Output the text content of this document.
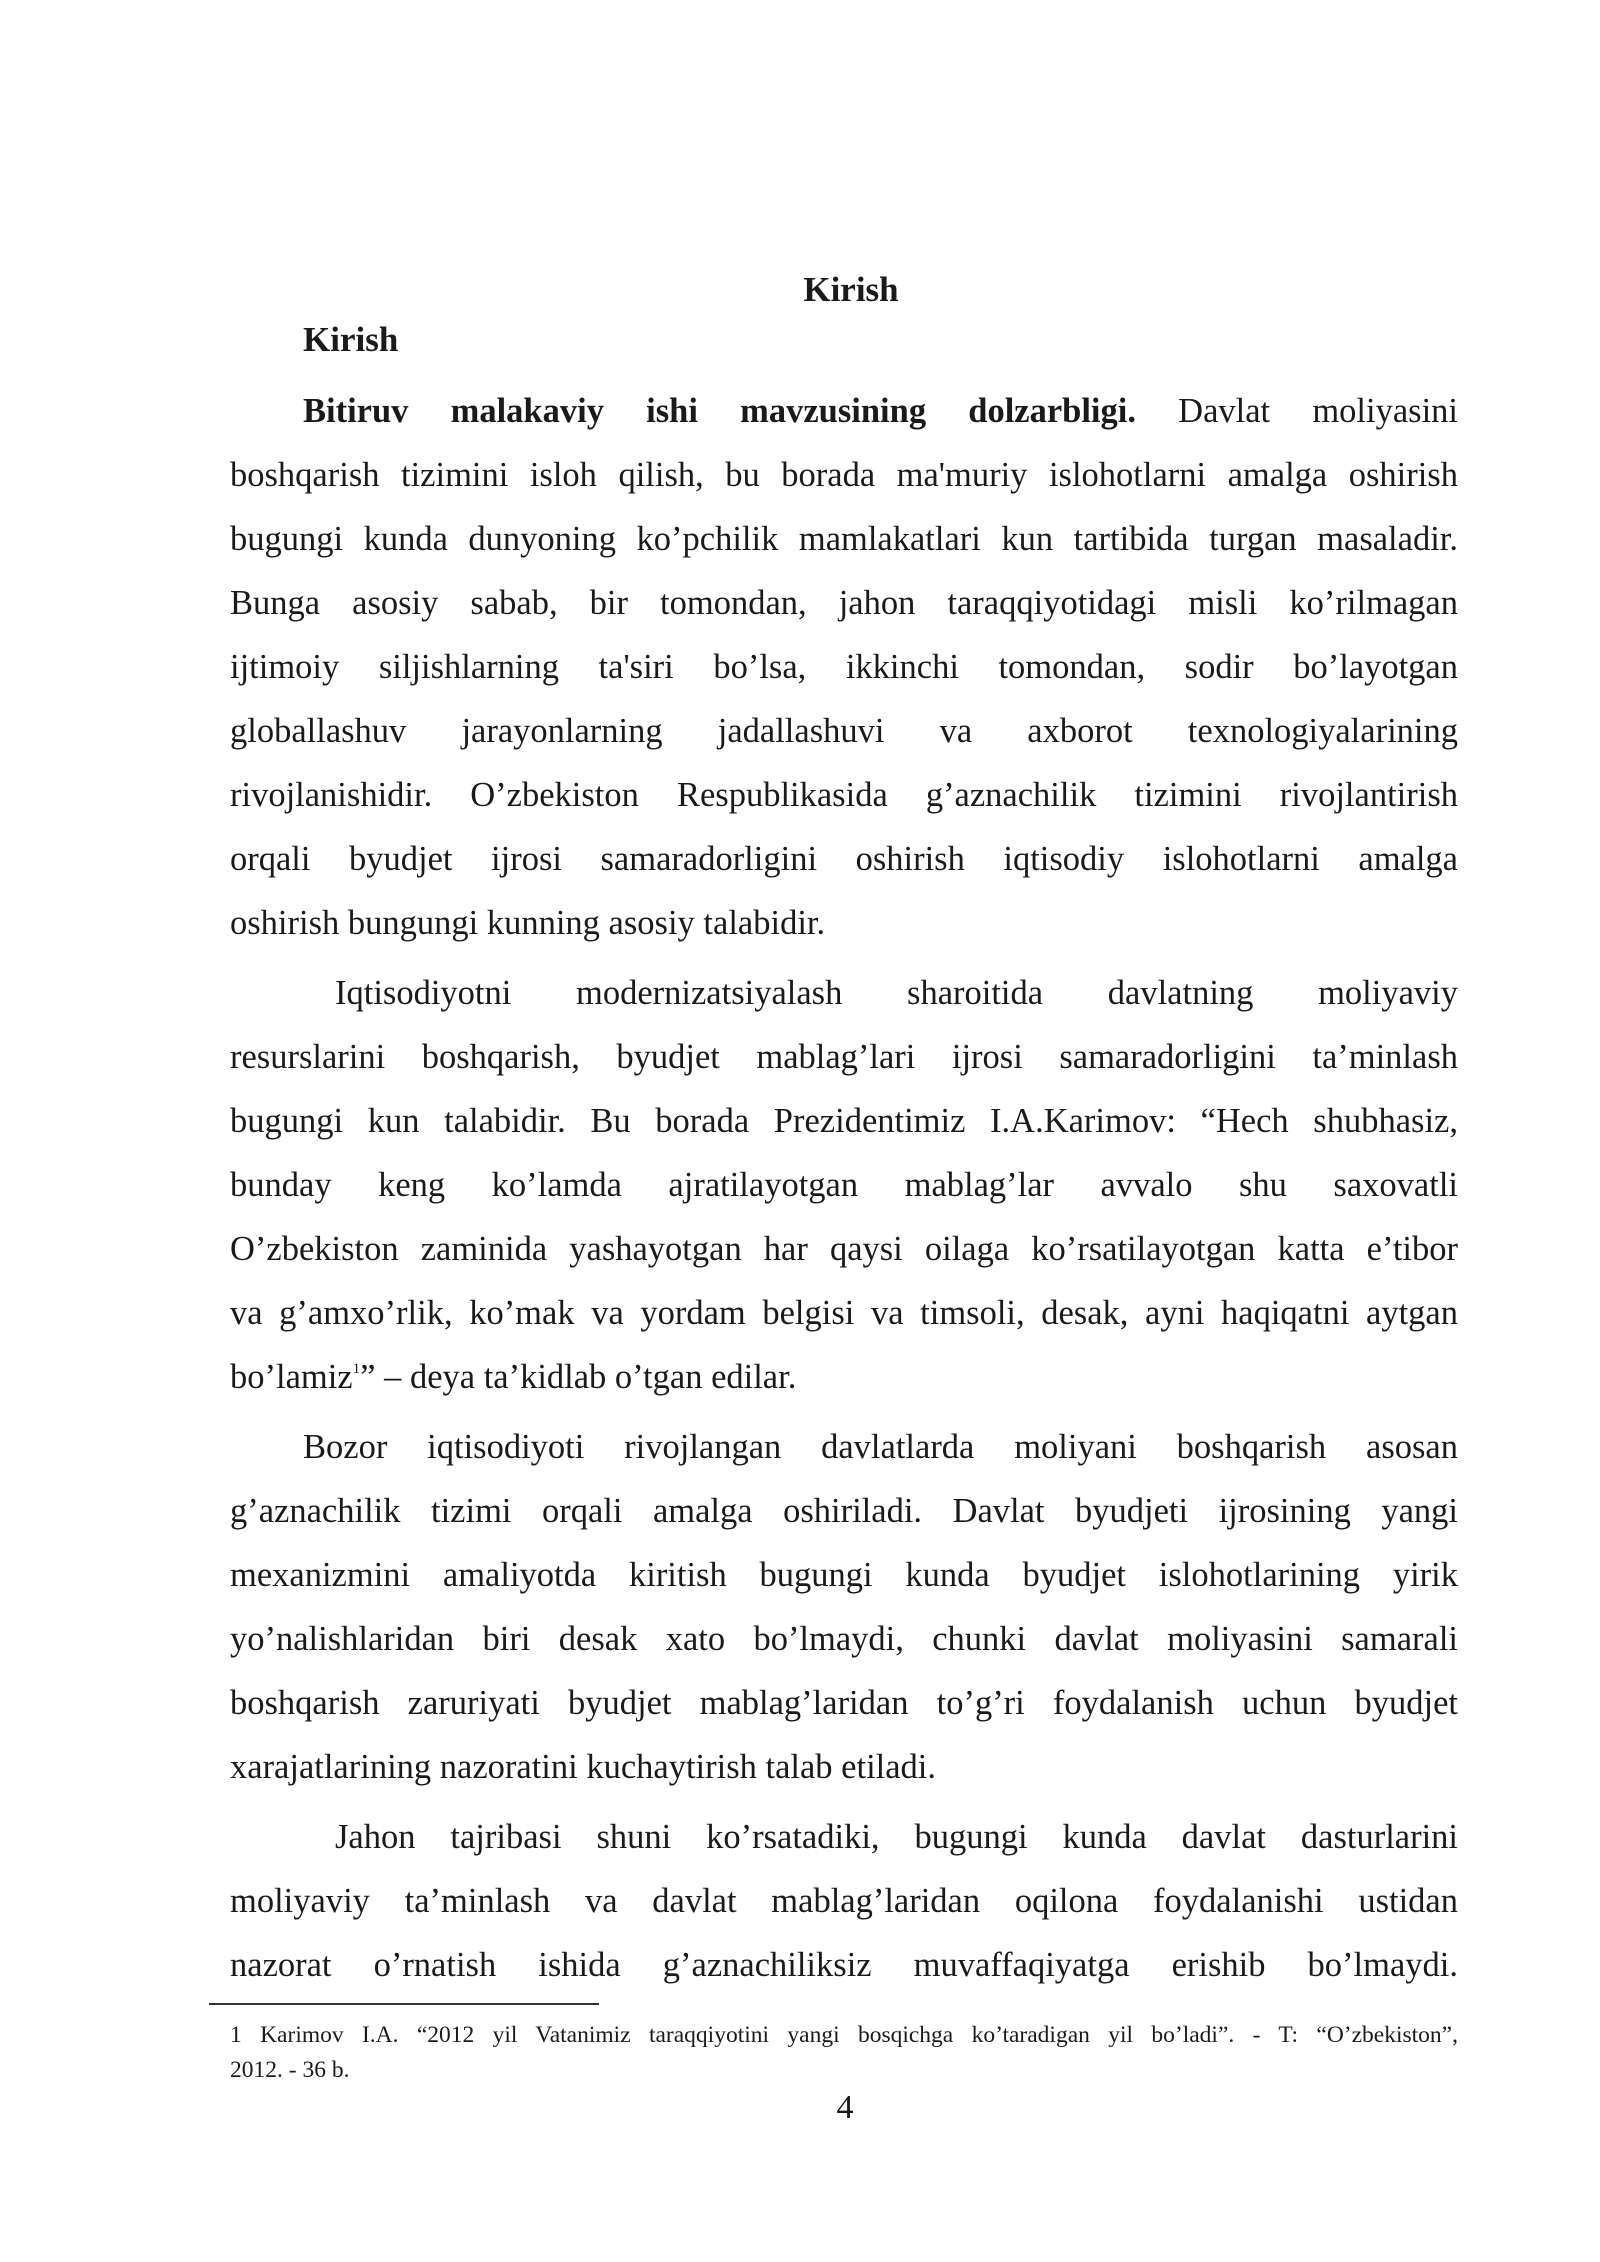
Kirish
Kirish
Bitiruv malakaviy ishi mavzusining dolzarbligi. Davlat moliyasini
boshqarish tizimini isloh qilish, bu borada ma'muriy islohotlarni amalga oshirish
bugungi kunda dunyoning ko’pchilik mamlakatlari kun tartibida turgan masaladir.
Bunga asosiy sabab, bir tomondan, jahon taraqqiyotidagi misli ko’rilmagan
ijtimoiy siljishlarning ta'siri bo’lsa, ikkinchi tomondan, sodir bo’layotgan
globallashuv jarayonlarning jadallashuvi va axborot texnologiyalarining
rivojlanishidir. O’zbekiston Respublikasida g’aznachilik tizimini rivojlantirish
orqali byudjet ijrosi samaradorligini oshirish iqtisodiy islohotlarni amalga
oshirish bungungi kunning asosiy talabidir.
Iqtisodiyotni modernizatsiyalash sharoitida davlatning moliyaviy
resurslarini boshqarish, byudjet mablag’lari ijrosi samaradorligini ta’minlash
bugungi kun talabidir. Bu borada Prezidentimiz I.A.Karimov: “Hech shubhasiz,
bunday keng ko’lamda ajratilayotgan mablag’lar avvalo shu saxovatli
O’zbekiston zaminida yashayotgan har qaysi oilaga ko’rsatilayotgan katta e’tibor
va g’amxo’rlik, ko’mak va yordam belgisi va timsoli, desak, ayni haqiqatni aytgan
bo’lamiz$^1$” – deya ta’kidlab o’tgan edilar.
Bozor iqtisodiyoti rivojlangan davlatlarda moliyani boshqarish asosan
g’aznachilik tizimi orqali amalga oshiriladi. Davlat byudjeti ijrosining yangi
mexanizmini amaliyotda kiritish bugungi kunda byudjet islohotlarining yirik
yo’nalishlaridan biri desak xato bo’lmaydi, chunki davlat moliyasini samarali
boshqarish zaruriyati byudjet mablag’laridan to’g’ri foydalanish uchun byudjet
xarajatlarining nazoratini kuchaytirish talab etiladi.
Jahon tajribasi shuni ko’rsatadiki, bugungi kunda davlat dasturlarini
moliyaviy ta’minlash va davlat mablag’laridan oqilona foydalanishi ustidan
nazorat o’rnatish ishida g’aznachiliksiz muvaffaqiyatga erishib bo’lmaydi.
1 Karimov I.A. “2012 yil Vatanimiz taraqqiyotini yangi bosqichga ko’taradigan yil bo’ladi”. - T: “O’zbekiston”,
2012. - 36 b.
4
